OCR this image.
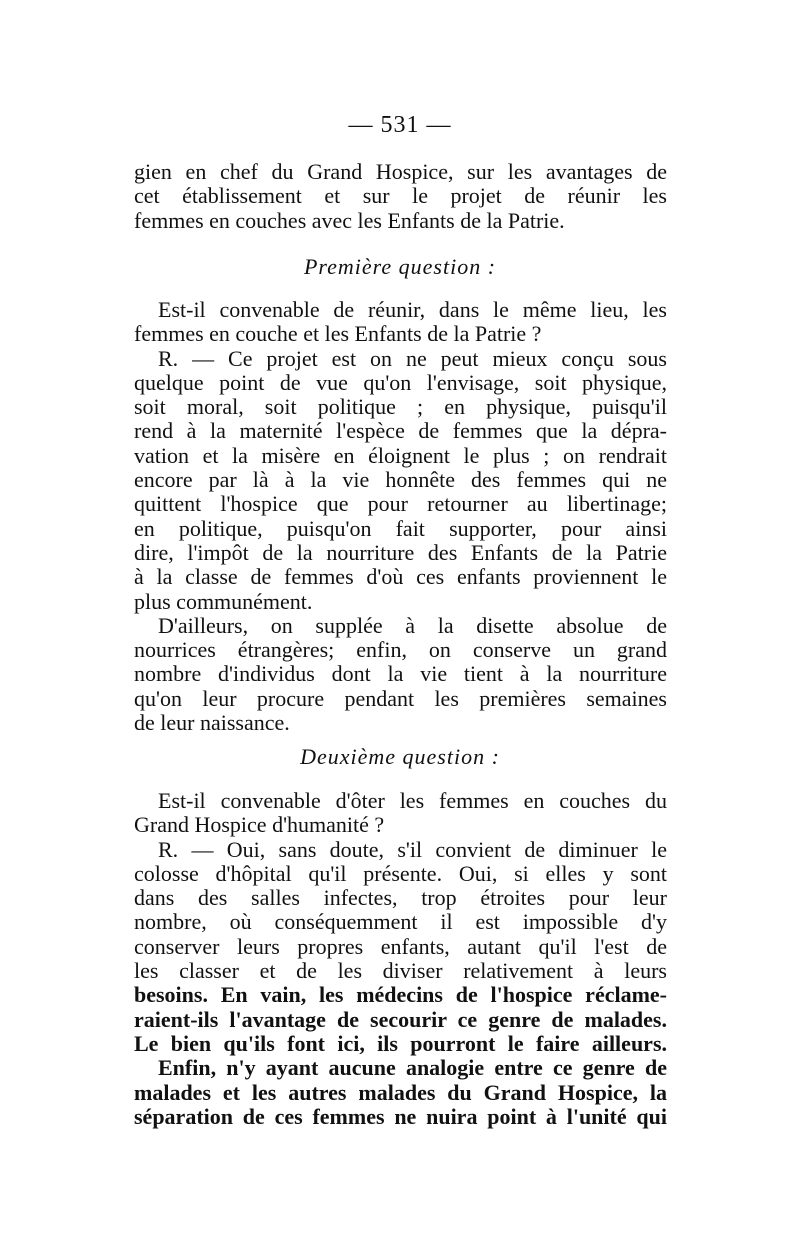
— 531 —
gien en chef du Grand Hospice, sur les avantages de
cet établissement et sur le projet de réunir les
femmes en couches avec les Enfants de la Patrie.
Première question :
Est-il convenable de réunir, dans le même lieu, les
femmes en couche et les Enfants de la Patrie ?
R. — Ce projet est on ne peut mieux conçu sous
quelque point de vue qu'on l'envisage, soit physique,
soit moral, soit politique ; en physique, puisqu'il
rend à la maternité l'espèce de femmes que la dépra-
vation et la misère en éloignent le plus ; on rendrait
encore par là à la vie honnête des femmes qui ne
quittent l'hospice que pour retourner au libertinage;
en politique, puisqu'on fait supporter, pour ainsi
dire, l'impôt de la nourriture des Enfants de la Patrie
à la classe de femmes d'où ces enfants proviennent le
plus communément.
D'ailleurs, on supplée à la disette absolue de
nourrices étrangères; enfin, on conserve un grand
nombre d'individus dont la vie tient à la nourriture
qu'on leur procure pendant les premières semaines
de leur naissance.
Deuxième question :
Est-il convenable d'ôter les femmes en couches du
Grand Hospice d'humanité ?
R. — Oui, sans doute, s'il convient de diminuer le
colosse d'hôpital qu'il présente. Oui, si elles y sont
dans des salles infectes, trop étroites pour leur
nombre, où conséquemment il est impossible d'y
conserver leurs propres enfants, autant qu'il l'est de
les classer et de les diviser relativement à leurs
besoins. En vain, les médecins de l'hospice réclame-
raient-ils l'avantage de secourir ce genre de malades.
Le bien qu'ils font ici, ils pourront le faire ailleurs.
Enfin, n'y ayant aucune analogie entre ce genre de
malades et les autres malades du Grand Hospice, la
séparation de ces femmes ne nuira point à l'unité qui
